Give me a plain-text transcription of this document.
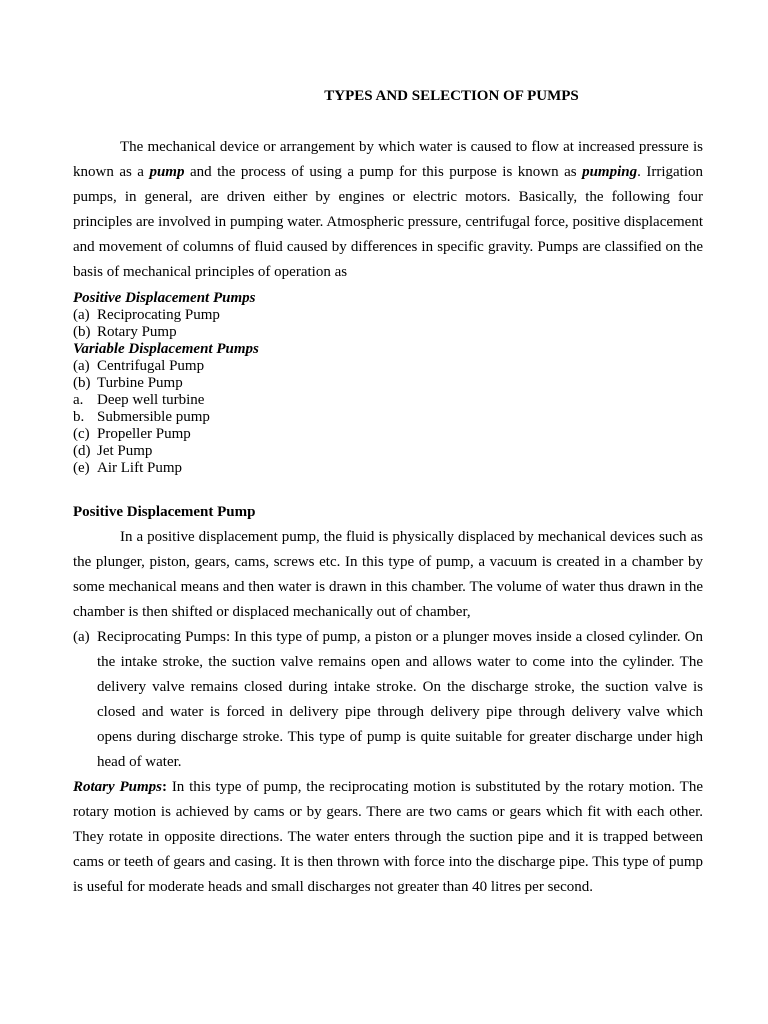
TYPES AND SELECTION OF PUMPS

The mechanical device or arrangement by which water is caused to flow at increased pressure is known as a pump and the process of using a pump for this purpose is known as pumping. Irrigation pumps, in general, are driven either by engines or electric motors. Basically, the following four principles are involved in pumping water. Atmospheric pressure, centrifugal force, positive displacement and movement of columns of fluid caused by differences in specific gravity. Pumps are classified on the basis of mechanical principles of operation as

Positive Displacement Pumps
(a) Reciprocating Pump
(b) Rotary Pump
Variable Displacement Pumps
(a) Centrifugal Pump
(b) Turbine Pump
a. Deep well turbine
b. Submersible pump
(c) Propeller Pump
(d) Jet Pump
(e) Air Lift Pump
Positive Displacement Pump

In a positive displacement pump, the fluid is physically displaced by mechanical devices such as the plunger, piston, gears, cams, screws etc. In this type of pump, a vacuum is created in a chamber by some mechanical means and then water is drawn in this chamber. The volume of water thus drawn in the chamber is then shifted or displaced mechanically out of chamber,

(a) Reciprocating Pumps: In this type of pump, a piston or a plunger moves inside a closed cylinder. On the intake stroke, the suction valve remains open and allows water to come into the cylinder. The delivery valve remains closed during intake stroke. On the discharge stroke, the suction valve is closed and water is forced in delivery pipe through delivery pipe through delivery valve which opens during discharge stroke. This type of pump is quite suitable for greater discharge under high head of water.

Rotary Pumps: In this type of pump, the reciprocating motion is substituted by the rotary motion. The rotary motion is achieved by cams or by gears. There are two cams or gears which fit with each other. They rotate in opposite directions. The water enters through the suction pipe and it is trapped between cams or teeth of gears and casing. It is then thrown with force into the discharge pipe. This type of pump is useful for moderate heads and small discharges not greater than 40 litres per second.
